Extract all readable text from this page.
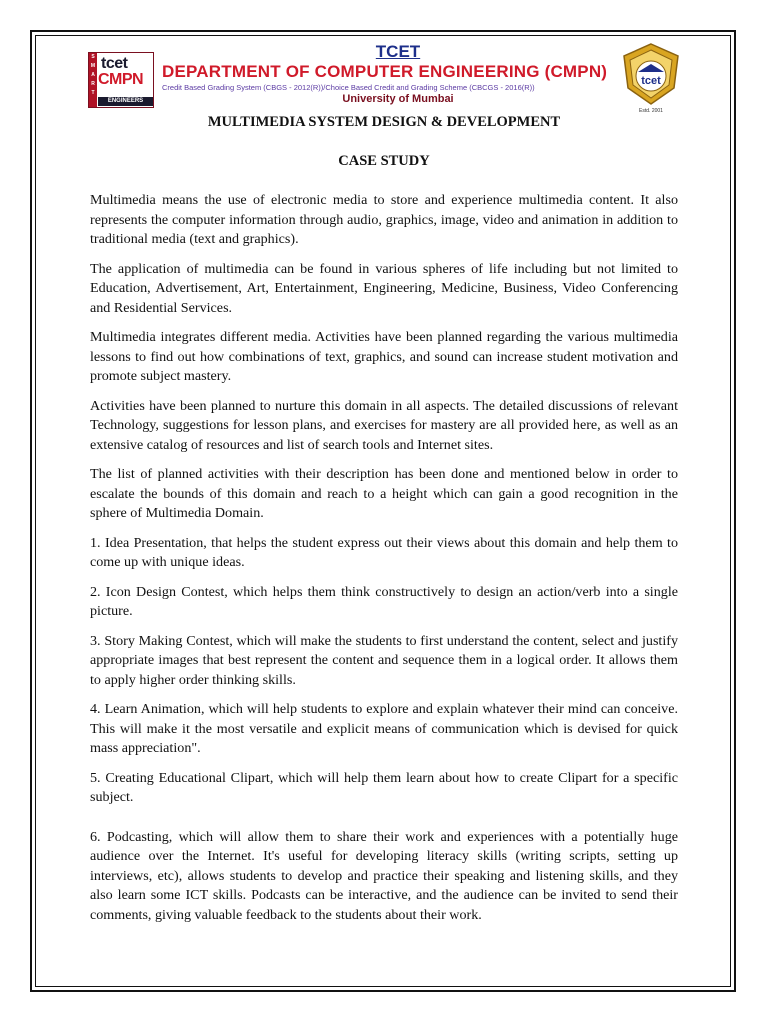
S
M
A
R
T
tcet
CMPN
ENGINEERS
TCET
DEPARTMENT OF COMPUTER ENGINEERING (CMPN)
Credit Based Grading System (CBGS - 2012(R))/Choice Based Credit and Grading Scheme (CBCGS - 2016(R))
University of Mumbai
tcet
Estd. 2001
MULTIMEDIA SYSTEM DESIGN & DEVELOPMENT
CASE STUDY

Multimedia means the use of electronic media to store and experience multimedia content. It also represents the computer information through audio, graphics, image, video and animation in addition to traditional media (text and graphics).

The application of multimedia can be found in various spheres of life including but not limited to Education, Advertisement, Art, Entertainment, Engineering, Medicine, Business, Video Conferencing and Residential Services.

Multimedia integrates different media. Activities have been planned regarding the various multimedia lessons to find out how combinations of text, graphics, and sound can increase student motivation and promote subject mastery.

Activities have been planned to nurture this domain in all aspects. The detailed discussions of relevant Technology, suggestions for lesson plans, and exercises for mastery are all provided here, as well as an extensive catalog of resources and list of search tools and Internet sites.

The list of planned activities with their description has been done and mentioned below in order to escalate the bounds of this domain and reach to a height which can gain a good recognition in the sphere of Multimedia Domain.

1. Idea Presentation, that helps the student express out their views about this domain and help them to come up with unique ideas.

2. Icon Design Contest, which helps them think constructively to design an action/verb into a single picture.

3. Story Making Contest, which will make the students to first understand the content, select and justify appropriate images that best represent the content and sequence them in a logical order. It allows them to apply higher order thinking skills.

4. Learn Animation, which will help students to explore and explain whatever their mind can conceive. This will make it the most versatile and explicit means of communication which is devised for quick mass appreciation".

5. Creating Educational Clipart, which will help them learn about how to create Clipart for a specific subject.

6. Podcasting, which will allow them to share their work and experiences with a potentially huge audience over the Internet. It's useful for developing literacy skills (writing scripts, setting up interviews, etc), allows students to develop and practice their speaking and listening skills, and they also learn some ICT skills. Podcasts can be interactive, and the audience can be invited to send their comments, giving valuable feedback to the students about their work.
